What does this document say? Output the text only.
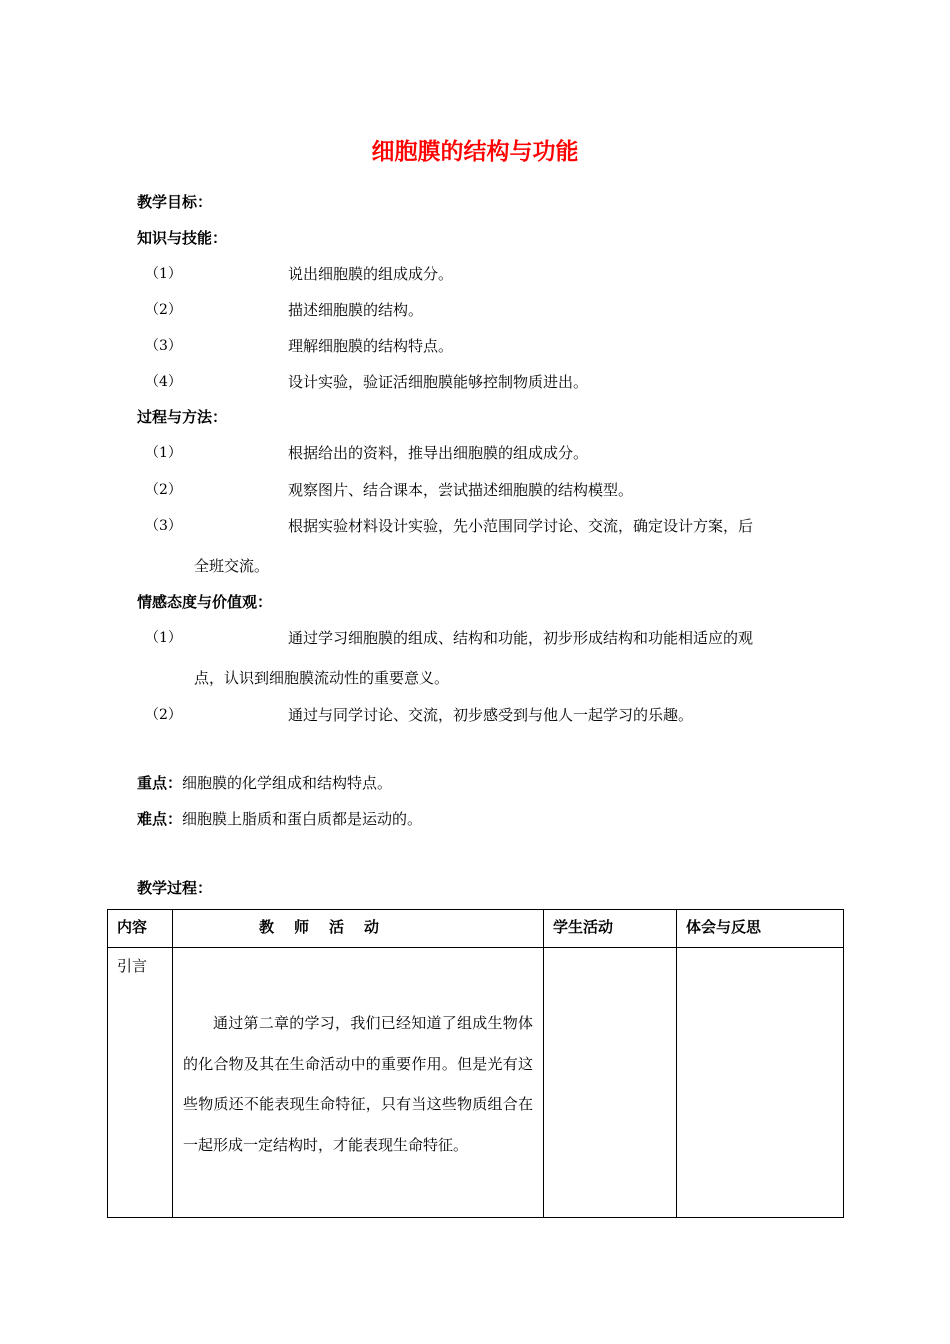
细胞膜的结构与功能
教学目标：
知识与技能：
（1）	说出细胞膜的组成成分。
（2）	描述细胞膜的结构。
（3）	理解细胞膜的结构特点。
（4）	设计实验，验证活细胞膜能够控制物质进出。
过程与方法：
（1）	根据给出的资料，推导出细胞膜的组成成分。
（2）	观察图片、结合课本，尝试描述细胞膜的结构模型。
（3）	根据实验材料设计实验，先小范围同学讨论、交流，确定设计方案，后
全班交流。
情感态度与价值观：
（1）	通过学习细胞膜的组成、结构和功能，初步形成结构和功能相适应的观
点，认识到细胞膜流动性的重要意义。
（2）	通过与同学讨论、交流，初步感受到与他人一起学习的乐趣。
重点：细胞膜的化学组成和结构特点。
难点：细胞膜上脂质和蛋白质都是运动的。
教学过程：
内容	教师活动	学生活动	体会与反思

引言	通过第二章的学习，我们已经知道了组成生物体的化合物及其在生命活动中的重要作用。但是光有这些物质还不能表现生命特征，只有当这些物质组合在一起形成一定结构时，才能表现生命特征。		
